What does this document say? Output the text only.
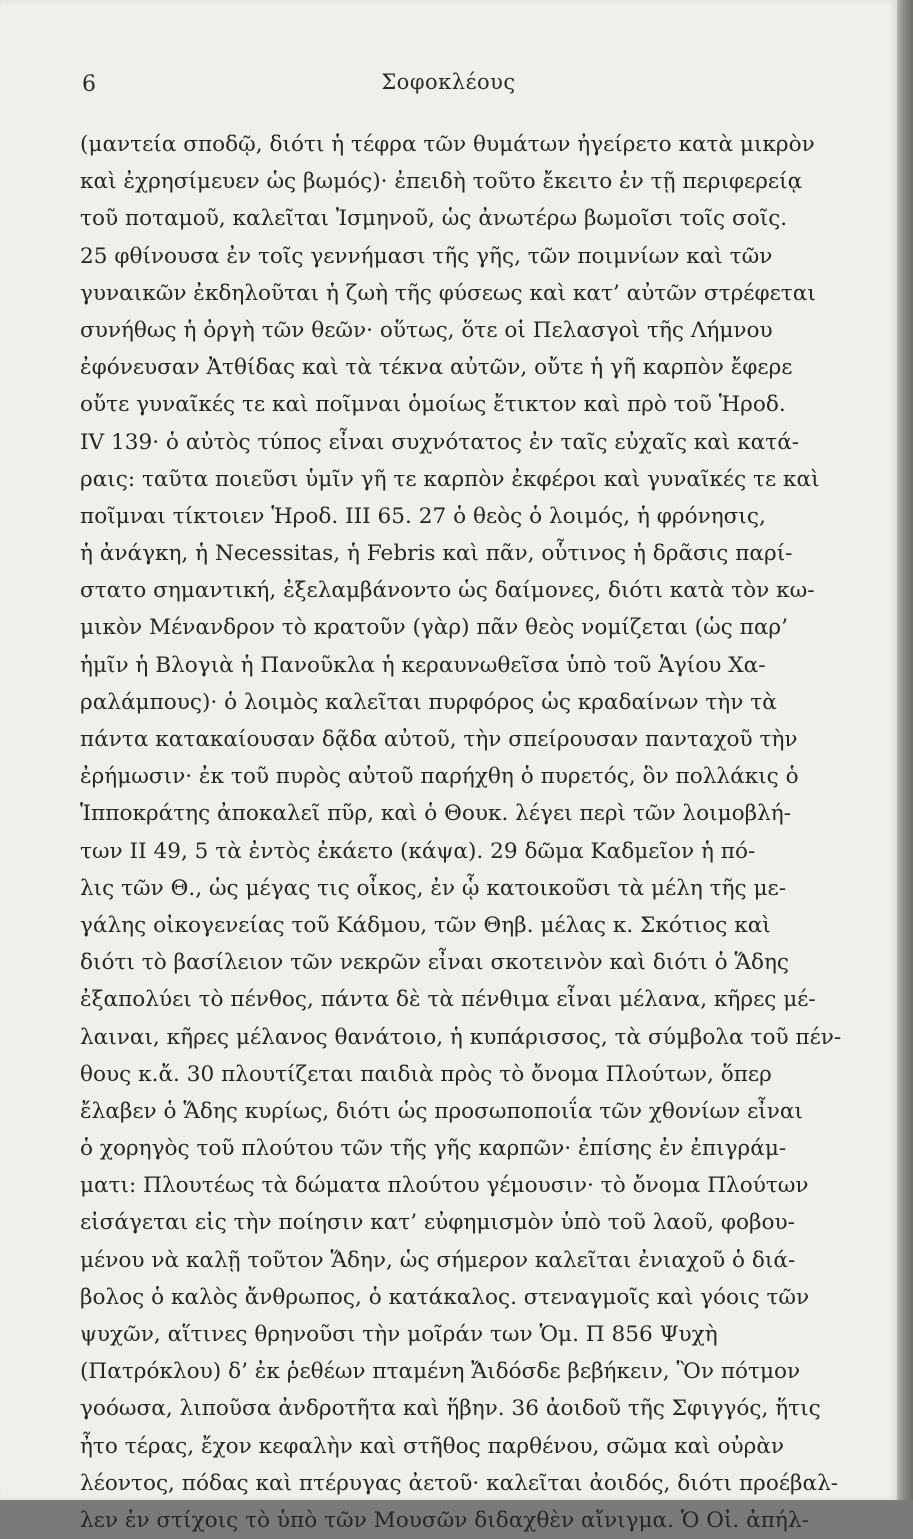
6	Σοφοκλέους
(μαντεία σποδῷ, διότι ἡ τέφρα τῶν θυμάτων ἠγείρετο κατὰ μικρὸν
καὶ ἐχρησίμευεν ὡς βωμός)· ἐπειδὴ τοῦτο ἔκειτο ἐν τῇ περιφερείᾳ
τοῦ ποταμοῦ, καλεῖται Ἰσμηνοῦ, ὡς ἀνωτέρω βωμοῖσι τοῖς σοῖς.
25 φθίνουσα ἐν τοῖς γεννήμασι τῆς γῆς, τῶν ποιμνίων καὶ τῶν
γυναικῶν ἐκδηλοῦται ἡ ζωὴ τῆς φύσεως καὶ κατ’ αὐτῶν στρέφεται
συνήθως ἡ ὀργὴ τῶν θεῶν· οὕτως, ὅτε οἱ Πελασγοὶ τῆς Λήμνου
ἐφόνευσαν Ἀτθίδας καὶ τὰ τέκνα αὐτῶν, οὔτε ἡ γῆ καρπὸν ἔφερε
οὔτε γυναῖκές τε καὶ ποῖμναι ὁμοίως ἔτικτον καὶ πρὸ τοῦ Ἡροδ.
IV 139· ὁ αὐτὸς τύπος εἶναι συχνότατος ἐν ταῖς εὐχαῖς καὶ κατά-
ραις: ταῦτα ποιεῦσι ὑμῖν γῆ τε καρπὸν ἐκφέροι καὶ γυναῖκές τε καὶ
ποῖμναι τίκτοιεν Ἡροδ. III 65. 27 ὁ θεὸς ὁ λοιμός, ἡ φρόνησις,
ἡ ἀνάγκη, ἡ Necessitas, ἡ Febris καὶ πᾶν, οὗτινος ἡ δρᾶσις παρί-
στατο σημαντική, ἐξελαμβάνοντο ὡς δαίμονες, διότι κατὰ τὸν κω-
μικὸν Μένανδρον τὸ κρατοῦν (γὰρ) πᾶν θεὸς νομίζεται (ὡς παρ’
ἡμῖν ἡ Βλογιὰ ἡ Πανοῦκλα ἡ κεραυνωθεῖσα ὑπὸ τοῦ Ἁγίου Χα-
ραλάμπους)· ὁ λοιμὸς καλεῖται πυρφόρος ὡς κραδαίνων τὴν τὰ
πάντα κατακαίουσαν δᾷδα αὐτοῦ, τὴν σπείρουσαν πανταχοῦ τὴν
ἐρήμωσιν· ἐκ τοῦ πυρὸς αὐτοῦ παρήχθη ὁ πυρετός, ὃν πολλάκις ὁ
Ἱπποκράτης ἀποκαλεῖ πῦρ, καὶ ὁ Θουκ. λέγει περὶ τῶν λοιμοβλή-
των II 49, 5 τὰ ἐντὸς ἐκάετο (κάψα). 29 δῶμα Καδμεῖον ἡ πό-
λις τῶν Θ., ὡς μέγας τις οἶκος, ἐν ᾧ κατοικοῦσι τὰ μέλη τῆς με-
γάλης οἰκογενείας τοῦ Κάδμου, τῶν Θηβ. μέλας κ. Σκότιος καὶ
διότι τὸ βασίλειον τῶν νεκρῶν εἶναι σκοτεινὸν καὶ διότι ὁ Ἅδης
ἐξαπολύει τὸ πένθος, πάντα δὲ τὰ πένθιμα εἶναι μέλανα, κῆρες μέ-
λαιναι, κῆρες μέλανος θανάτοιο, ἡ κυπάρισσος, τὰ σύμβολα τοῦ πέν-
θους κ.ἄ. 30 πλουτίζεται παιδιὰ πρὸς τὸ ὄνομα Πλούτων, ὅπερ
ἔλαβεν ὁ Ἅδης κυρίως, διότι ὡς προσωποποιΐα τῶν χθονίων εἶναι
ὁ χορηγὸς τοῦ πλούτου τῶν τῆς γῆς καρπῶν· ἐπίσης ἐν ἐπιγράμ-
ματι: Πλουτέως τὰ δώματα πλούτου γέμουσιν· τὸ ὄνομα Πλούτων
εἰσάγεται εἰς τὴν ποίησιν κατ’ εὐφημισμὸν ὑπὸ τοῦ λαοῦ, φοβου-
μένου νὰ καλῇ τοῦτον Ἅδην, ὡς σήμερον καλεῖται ἐνιαχοῦ ὁ διά-
βολος ὁ καλὸς ἄνθρωπος, ὁ κατάκαλος. στεναγμοῖς καὶ γόοις τῶν
ψυχῶν, αἵτινες θρηνοῦσι τὴν μοῖράν των Ὁμ. Π 856 Ψυχὴ
(Πατρόκλου) δ’ ἐκ ῥεθέων πταμένη Ἄιδόσδε βεβήκειν, Ὃν πότμον
γοόωσα, λιποῦσα ἀνδροτῆτα καὶ ἥβην. 36 ἀοιδοῦ τῆς Σφιγγός, ἥτις
ἦτο τέρας, ἔχον κεφαλὴν καὶ στῆθος παρθένου, σῶμα καὶ οὐρὰν
λέοντος, πόδας καὶ πτέρυγας ἀετοῦ· καλεῖται ἀοιδός, διότι προέβαλ-
λεν ἐν στίχοις τὸ ὑπὸ τῶν Μουσῶν διδαχθὲν αἴνιγμα. Ὁ Οἰ. ἀπήλ-
